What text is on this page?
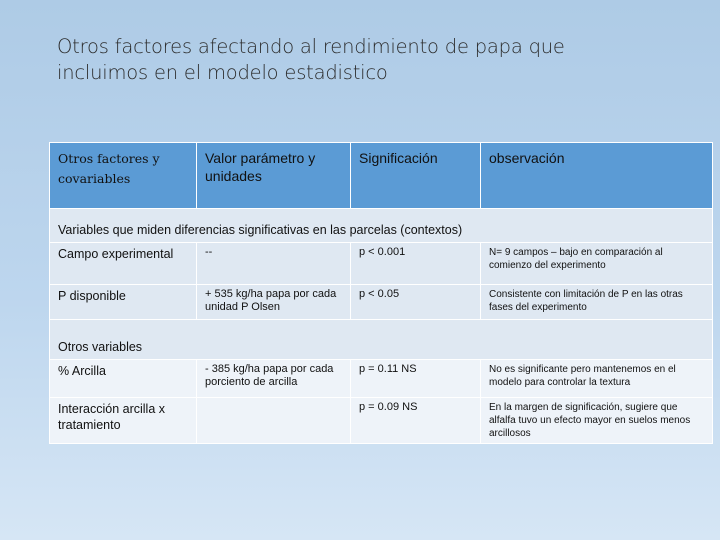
Otros factores afectando al rendimiento de papa que
incluimos en el modelo estadistico
Otros factores y covariables	Valor parámetro y unidades	Significación	observación
Variables que miden diferencias significativas en las parcelas (contextos)			
Campo experimental	--	p < 0.001	N= 9 campos – bajo en comparación al comienzo del experimento
P disponible	+ 535 kg/ha papa por cada unidad P Olsen	p < 0.05	Consistente con limitación de P en las otras fases del experimento
Otros variables			
% Arcilla	- 385 kg/ha papa por cada porciento de arcilla	p = 0.11 NS	No es significante pero mantenemos en el modelo para controlar la textura
Interacción arcilla x tratamiento		p = 0.09 NS	En la margen de significación, sugiere que alfalfa tuvo un efecto mayor en suelos menos arcillosos
